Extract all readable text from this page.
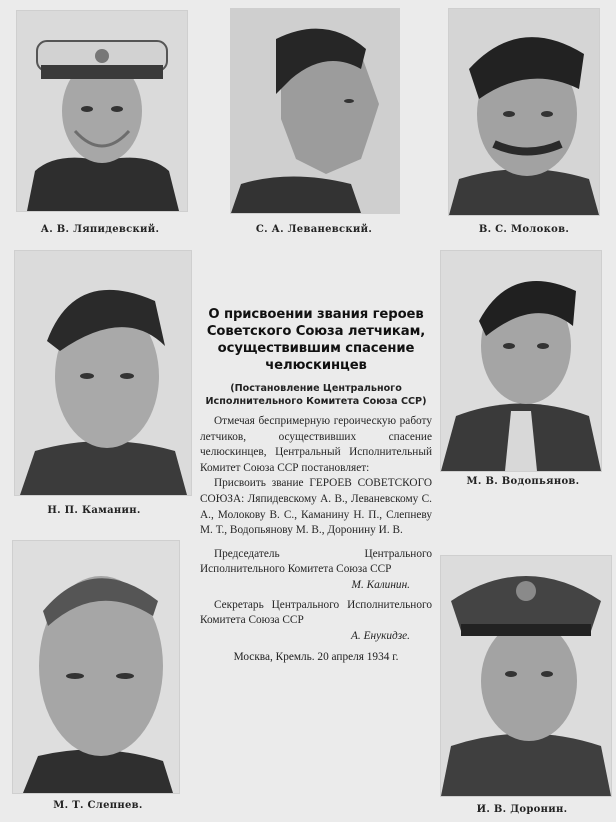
А. В. Ляпидевский.	С. А. Леваневский.	В. С. Молоков.
Н. П. Каманин.
М. В. Водопьянов.
М. Т. Слепнев.	И. В. Доронин.
О присвоении звания героев Советского Союза летчикам, осуществившим спасение челюскинцев
(Постановление Центрального Исполнительного Комитета Союза ССР)

Отмечая беспримерную героическую работу летчиков, осуществивших спасение челюскинцев, Центральный Исполнительный Комитет Союза ССР постановляет:

Присвоить звание ГЕРОЕВ СОВЕТСКОГО СОЮЗА: Ляпидевскому А. В., Леваневскому С. А., Молокову В. С., Каманину Н. П., Слепневу М. Т., Водопьянову М. В., Доронину И. В.

Председатель Центрального Исполнительного Комитета Союза ССР

М. Калинин.

Секретарь Центрального Исполнительного Комитета Союза ССР

А. Енукидзе.
Москва, Кремль. 20 апреля 1934 г.
